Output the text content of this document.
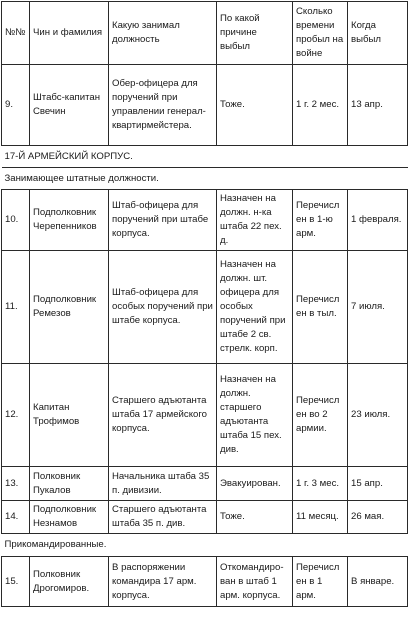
№№	Чин и фамилия	Какую занимал должность	По какой причине выбыл	Сколько времени пробыл на войне	Когда выбыл
9.	Штабс-капитан Свечин	Обер-офицера для поручений при управлении генерал-квартирмейстера.	Тоже.	1 г. 2 мес.	13 апр.
17-Й АРМЕЙСКИЙ КОРПУС.					
Занимающее штатные должности.					
10.	Подполковник Черепенников	Штаб-офицера для поручений при штабе корпуса.	Назначен на должн. н-ка штаба 22 пех. д.	Перечислен в 1-ю арм.	1 февраля.
11.	Подполковник Ремезов	Штаб-офицера для особых поручений при штабе корпуса.	Назначен на должн. шт. офицера для особых поручений при штабе 2 св. стрелк. корп.	Перечислен в тыл.	7 июля.
12.	Капитан Трофимов	Старшего адъютанта штаба 17 армейского корпуса.	Назначен на должн. старшего адъютанта штаба 15 пех. див.	Перечислен во 2 армии.	23 июля.
13.	Полковник Пукалов	Начальника штаба 35 п. дивизии.	Эвакуирован.	1 г. 3 мес.	15 апр.
14.	Подполковник Незнамов	Старшего адъютанта штаба 35 п. див.	Тоже.	11 месяц.	26 мая.
Прикомандированные.					
15.	Полковник Дрогомиров.	В распоряжении командира 17 арм. корпуса.	Откомандиро-ван в штаб 1 арм. корпуса.	Перечислен в 1 арм.	В январе.
